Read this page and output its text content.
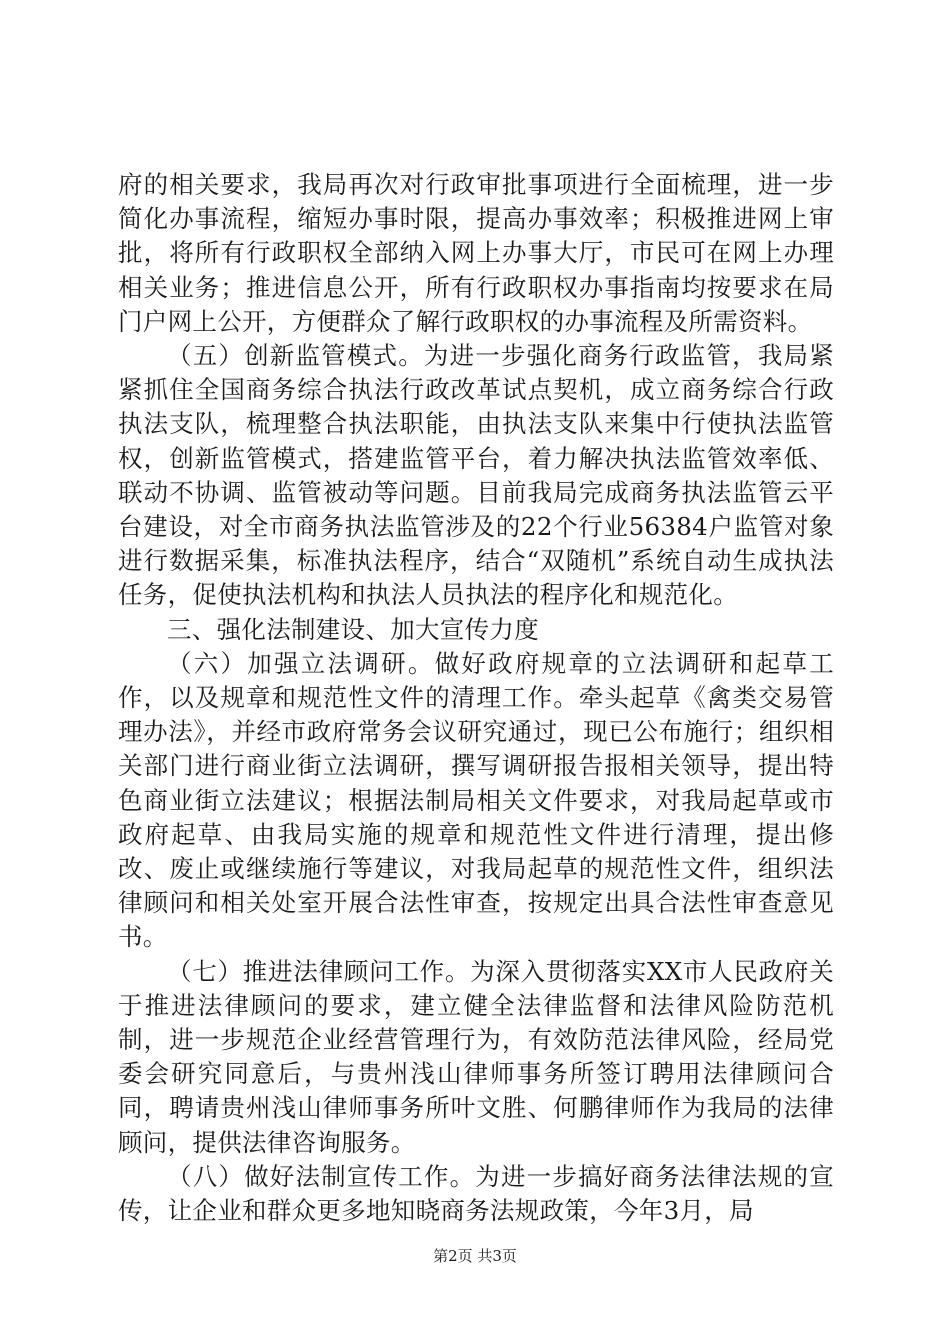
府的相关要求，我局再次对行政审批事项进行全面梳理，进一步简化办事流程，缩短办事时限，提高办事效率；积极推进网上审批，将所有行政职权全部纳入网上办事大厅，市民可在网上办理相关业务；推进信息公开，所有行政职权办事指南均按要求在局门户网上公开，方便群众了解行政职权的办事流程及所需资料。

（五）创新监管模式。为进一步强化商务行政监管，我局紧紧抓住全国商务综合执法行政改革试点契机，成立商务综合行政执法支队，梳理整合执法职能，由执法支队来集中行使执法监管权，创新监管模式，搭建监管平台，着力解决执法监管效率低、联动不协调、监管被动等问题。目前我局完成商务执法监管云平台建设，对全市商务执法监管涉及的22个行业56384户监管对象进行数据采集，标准执法程序，结合“双随机”系统自动生成执法任务，促使执法机构和执法人员执法的程序化和规范化。

三、强化法制建设、加大宣传力度

（六）加强立法调研。做好政府规章的立法调研和起草工作，以及规章和规范性文件的清理工作。牵头起草《禽类交易管理办法》，并经市政府常务会议研究通过，现已公布施行；组织相关部门进行商业街立法调研，撰写调研报告报相关领导，提出特色商业街立法建议；根据法制局相关文件要求，对我局起草或市政府起草、由我局实施的规章和规范性文件进行清理，提出修改、废止或继续施行等建议，对我局起草的规范性文件，组织法律顾问和相关处室开展合法性审查，按规定出具合法性审查意见书。

（七）推进法律顾问工作。为深入贯彻落实XX市人民政府关于推进法律顾问的要求，建立健全法律监督和法律风险防范机制，进一步规范企业经营管理行为，有效防范法律风险，经局党委会研究同意后，与贵州浅山律师事务所签订聘用法律顾问合同，聘请贵州浅山律师事务所叶文胜、何鹏律师作为我局的法律顾问，提供法律咨询服务。

（八）做好法制宣传工作。为进一步搞好商务法律法规的宣传，让企业和群众更多地知晓商务法规政策，今年3月，局

第2页 共3页
